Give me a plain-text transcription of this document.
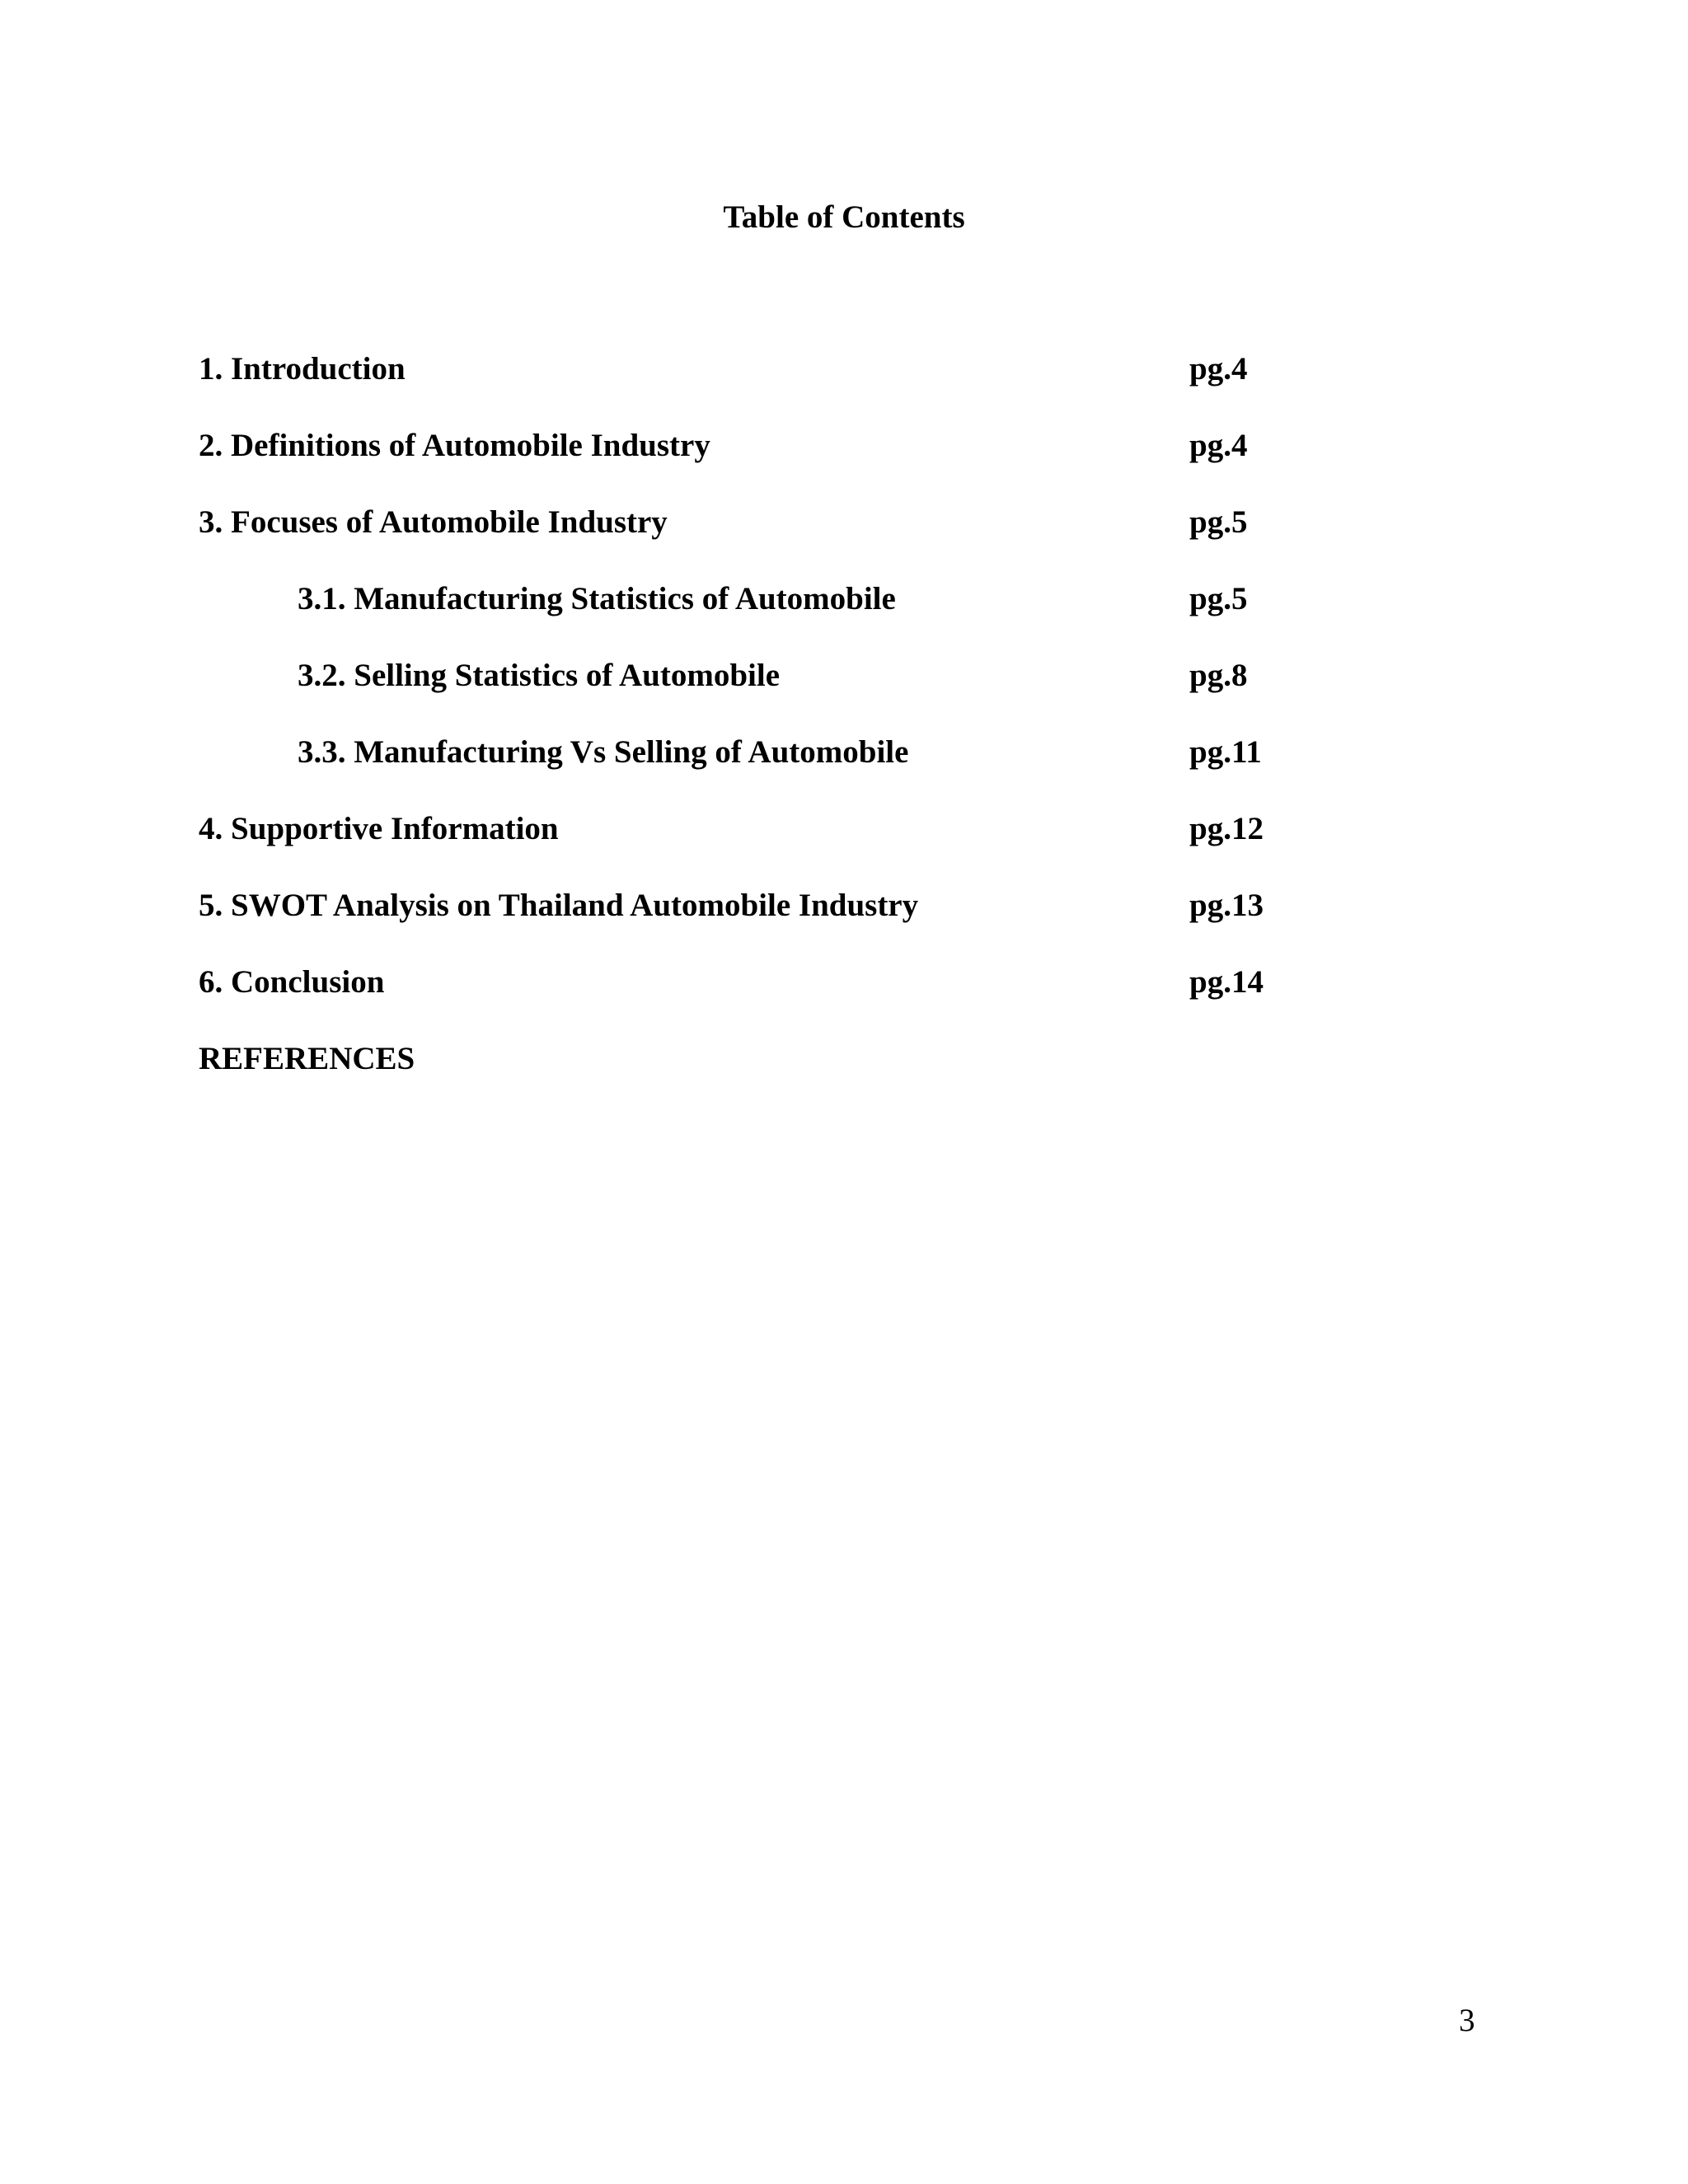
Table of Contents
1. Introduction	pg.4
2. Definitions of Automobile Industry	pg.4
3. Focuses of Automobile Industry	pg.5
3.1. Manufacturing Statistics of Automobile	pg.5
3.2. Selling Statistics of Automobile	pg.8
3.3. Manufacturing Vs Selling of Automobile	pg.11
4. Supportive Information	pg.12
5. SWOT Analysis on Thailand Automobile Industry	pg.13
6. Conclusion	pg.14
REFERENCES
3
